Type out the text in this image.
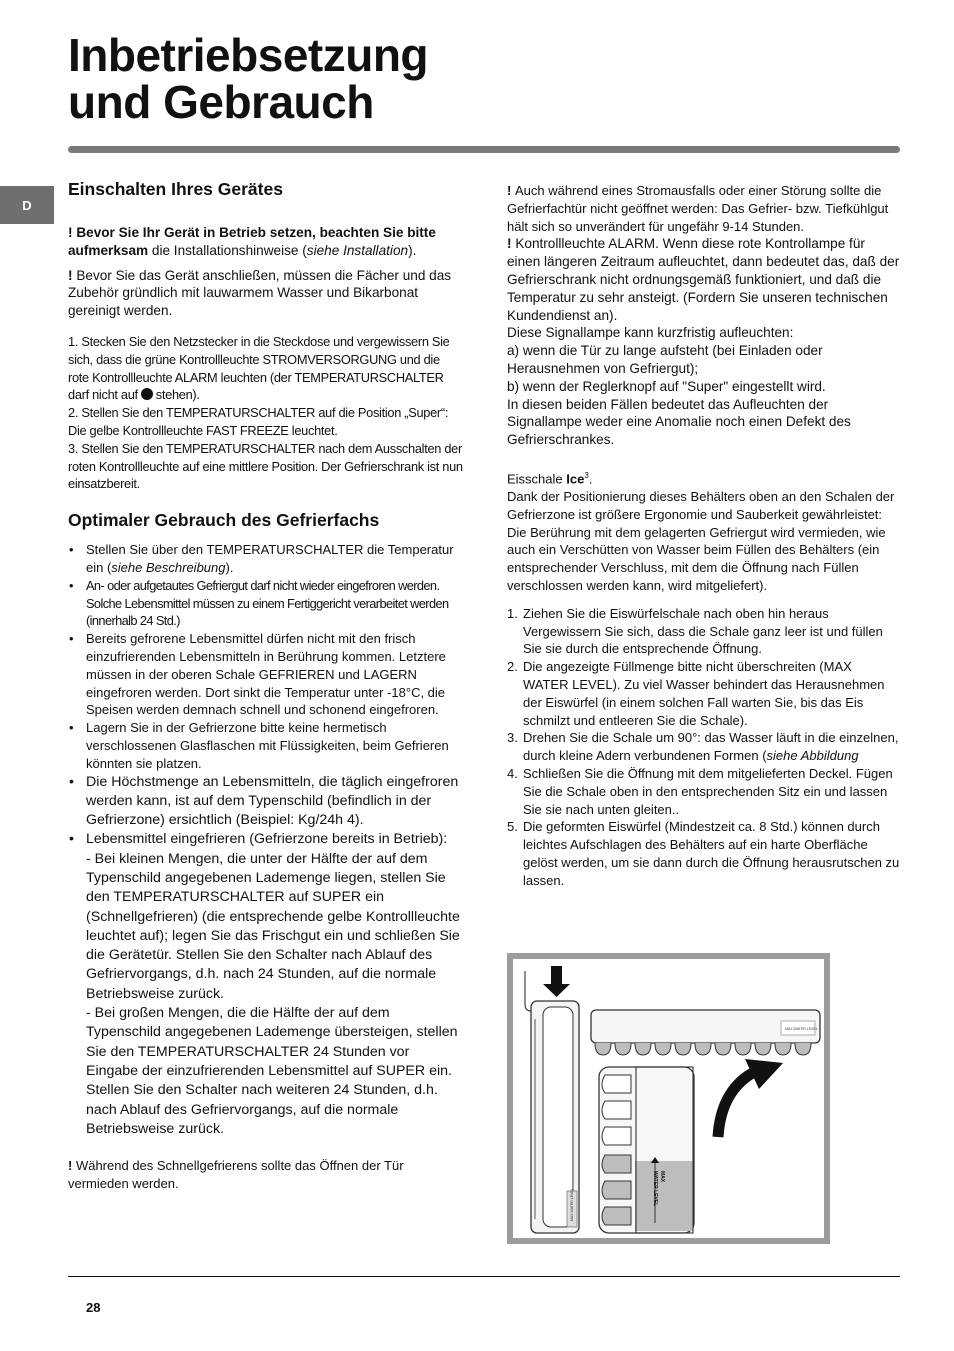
Inbetriebsetzung
und Gebrauch
D
Einschalten Ihres Gerätes

! Bevor Sie Ihr Gerät in Betrieb setzen, beachten Sie bitte aufmerksam die Installationshinweise (siehe Installation).

! Bevor Sie das Gerät anschließen, müssen die Fächer und das Zubehör gründlich mit lauwarmem Wasser und Bikarbonat gereinigt werden.

1. Stecken Sie den Netzstecker in die Steckdose und vergewissern Sie sich, dass die grüne Kontrollleuchte STROMVERSORGUNG und die rote Kontrollleuchte ALARM leuchten (der TEMPERATURSCHALTER darf nicht auf stehen).
2. Stellen Sie den TEMPERATURSCHALTER auf die Position „Super“: Die gelbe Kontrollleuchte FAST FREEZE leuchtet.
3. Stellen Sie den TEMPERATURSCHALTER nach dem Ausschalten der roten Kontrollleuchte auf eine mittlere Position. Der Gefrierschrank ist nun einsatzbereit.
Optimaler Gebrauch des Gefrierfachs
• Stellen Sie über den TEMPERATURSCHALTER die Temperatur ein (siehe Beschreibung).
• An- oder aufgetautes Gefriergut darf nicht wieder eingefroren werden. Solche Lebensmittel müssen zu einem Fertiggericht verarbeitet werden (innerhalb 24 Std.)
• Bereits gefrorene Lebensmittel dürfen nicht mit den frisch einzufrierenden Lebensmitteln in Berührung kommen. Letztere müssen in der oberen Schale GEFRIEREN und LAGERN eingefroren werden. Dort sinkt die Temperatur unter -18°C, die Speisen werden demnach schnell und schonend eingefroren.
• Lagern Sie in der Gefrierzone bitte keine hermetisch verschlossenen Glasflaschen mit Flüssigkeiten, beim Gefrieren könnten sie platzen.
• Die Höchstmenge an Lebensmitteln, die täglich eingefroren werden kann, ist auf dem Typenschild (befindlich in der Gefrierzone) ersichtlich (Beispiel: Kg/24h 4).
• Lebensmittel eingefrieren (Gefrierzone bereits in Betrieb):
- Bei kleinen Mengen, die unter der Hälfte der auf dem Typenschild angegebenen Lademenge liegen, stellen Sie den TEMPERATURSCHALTER auf SUPER ein (Schnellgefrieren) (die entsprechende gelbe Kontrollleuchte leuchtet auf); legen Sie das Frischgut ein und schließen Sie die Gerätetür. Stellen Sie den Schalter nach Ablauf des Gefriervorgangs, d.h. nach 24 Stunden, auf die normale Betriebsweise zurück.
- Bei großen Mengen, die die Hälfte der auf dem Typenschild angegebenen Lademenge übersteigen, stellen Sie den TEMPERATURSCHALTER 24 Stunden vor Eingabe der einzufrierenden Lebensmittel auf SUPER ein. Stellen Sie den Schalter nach weiteren 24 Stunden, d.h. nach Ablauf des Gefriervorgangs, auf die normale Betriebsweise zurück.

! Während des Schnellgefrierens sollte das Öffnen der Tür vermieden werden.

! Auch während eines Stromausfalls oder einer Störung sollte die Gefrierfachtür nicht geöffnet werden: Das Gefrier- bzw. Tiefkühlgut hält sich so unverändert für ungefähr 9-14 Stunden.
! Kontrollleuchte ALARM. Wenn diese rote Kontrollampe für einen längeren Zeitraum aufleuchtet, dann bedeutet das, daß der Gefrierschrank nicht ordnungsgemäß funktioniert, und daß die Temperatur zu sehr ansteigt. (Fordern Sie unseren technischen Kundendienst an).
Diese Signallampe kann kurzfristig aufleuchten:
a) wenn die Tür zu lange aufsteht (bei Einladen oder Herausnehmen von Gefriergut);
b) wenn der Reglerknopf auf "Super" eingestellt wird.
In diesen beiden Fällen bedeutet das Aufleuchten der Signallampe weder eine Anomalie noch einen Defekt des Gefrierschrankes.
Eisschale Ice$^3$.
Dank der Positionierung dieses Behälters oben an den Schalen der Gefrierzone ist größere Ergonomie und Sauberkeit gewährleistet: Die Berührung mit dem gelagerten Gefriergut wird vermieden, wie auch ein Verschütten von Wasser beim Füllen des Behälters (ein entsprechender Verschluss, mit dem die Öffnung nach Füllen verschlossen werden kann, wird mitgeliefert).
1. Ziehen Sie die Eiswürfelschale nach oben hin heraus Vergewissern Sie sich, dass die Schale ganz leer ist und füllen Sie sie durch die entsprechende Öffnung.
2. Die angezeigte Füllmenge bitte nicht überschreiten (MAX WATER LEVEL). Zu viel Wasser behindert das Herausnehmen der Eiswürfel (in einem solchen Fall warten Sie, bis das Eis schmilzt und entleeren Sie die Schale).
3. Drehen Sie die Schale um 90°: das Wasser läuft in die einzelnen, durch kleine Adern verbundenen Formen (siehe Abbildung
4. Schließen Sie die Öffnung mit dem mitgelieferten Deckel. Fügen Sie die Schale oben in den entsprechenden Sitz ein und lassen Sie sie nach unten gleiten..
5. Die geformten Eiswürfel (Mindestzeit ca. 8 Std.) können durch leichtes Aufschlagen des Behälters auf ein harte Oberfläche gelöst werden, um sie dann durch die Öffnung herausrutschen zu lassen.
MAX WATER LEVEL
MAX WATER LEVEL
MAX
WATER LEVEL
28
